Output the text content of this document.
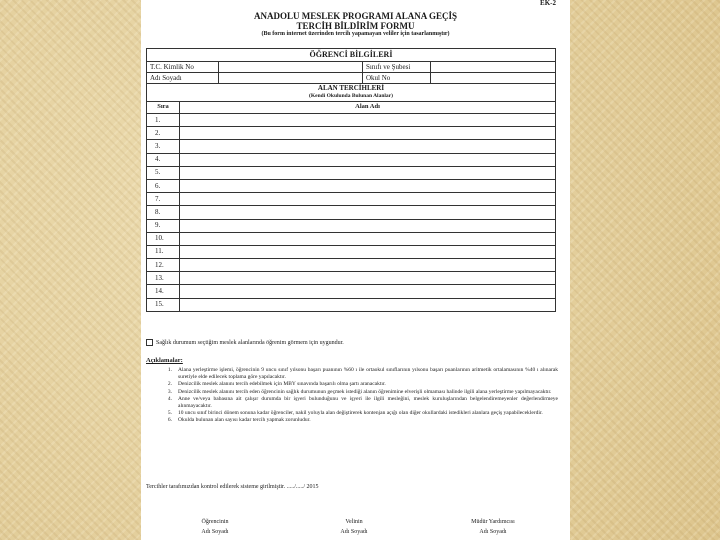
EK-2
ANADOLU MESLEK PROGRAMI ALANA GEÇİŞ
TERCİH BİLDİRİM FORMU
(Bu form internet üzerinden tercih yapamayan veliler için tasarlanmıştır)
ÖĞRENCİ BİLGİLERİ			
T.C. Kimlik No		Sınıfı ve Şubesi	
Adı Soyadı		Okul No	
ALAN TERCİHLERİ	
(Kendi Okulunda Bulunan Alanlar)	
Sıra	Alan Adı
1.	
2.	
3.	
4.	
5.	
6.	
7.	
8.	
9.	
10.	
11.	
12.	
13.	
14.	
15.	
Sağlık durumum seçtiğim meslek alanlarında öğrenim görmem için uygundur.
Açıklamalar:
1.	Alana yerleştirme işlemi, öğrencinin 9 uncu sınıf yılsonu başarı puanının %60 ı ile ortaokul sınıflarının yılsonu başarı puanlarının aritmetik ortalamasının %40 ı alınarak suretiyle elde edilecek toplama göre yapılacaktır.
2.	Denizcilik meslek alanını tercih edebilmek için MBY sınavında başarılı olma şartı aranacaktır.
3.	Denizcilik meslek alanını tercih eden öğrencinin sağlık durumunun geçmek istediği alanın öğrenimine elverişli olmaması halinde ilgili alana yerleştirme yapılmayacaktır.
4.	Anne ve/veya babasına ait çalışır durumda bir işyeri bulunduğunu ve işyeri ile ilgili mesleğini, meslek kuruluşlarından belgelendiremeyenler değerlendirmeye alınmayacaktır.
5.	10 uncu sınıf birinci dönem sonuna kadar öğrenciler, nakil yoluyla alan değiştirerek kontenjan açığı olan diğer okullardaki istedikleri alanlara geçiş yapabileceklerdir.
6.	Okulda bulunan alan sayısı kadar tercih yapmak zorunludur.
Tercihler tarafımızdan kontrol edilerek sisteme girilmiştir. ...../...../ 2015
Öğrencinin
Adı Soyadı
Velinin
Adı Soyadı
Müdür Yardımcısı
Adı Soyadı
